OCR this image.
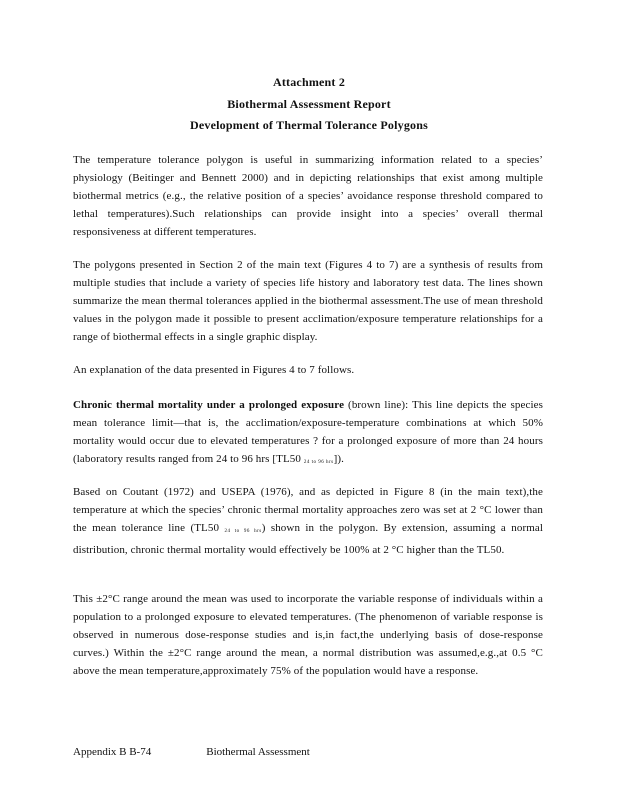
Attachment 2
Biothermal Assessment Report
Development of Thermal Tolerance Polygons
The temperature tolerance polygon is useful in summarizing information related to a species’ physiology (Beitinger and Bennett 2000) and in depicting relationships that exist among multiple biothermal metrics (e.g., the relative position of a species’ avoidance response threshold compared to lethal temperatures).Such relationships can provide insight into a species’ overall thermal responsiveness at different temperatures.
The polygons presented in Section 2 of the main text (Figures 4 to 7) are a synthesis of results from multiple studies that include a variety of species life history and laboratory test data. The lines shown summarize the mean thermal tolerances applied in the biothermal assessment.The use of mean threshold values in the polygon made it possible to present acclimation/exposure temperature relationships for a range of biothermal effects in a single graphic display.
An explanation of the data presented in Figures 4 to 7 follows.
Chronic thermal mortality under a prolonged exposure (brown line): This line depicts the species mean tolerance limit—that is, the acclimation/exposure-temperature combinations at which 50% mortality would occur due to elevated temperatures ? for a prolonged exposure of more than 24 hours (laboratory results ranged from 24 to 96 hrs [TL50 $_{24 to 96 hrs}$]).
Based on Coutant (1972) and USEPA (1976), and as depicted in Figure 8 (in the main text),the temperature at which the species’ chronic thermal mortality approaches zero was set at 2 °C lower than the mean tolerance line (TL50 $_{24 to 96 hrs}$) shown in the polygon. By extension, assuming a normal distribution, chronic thermal mortality would effectively be 100% at 2 °C higher than the TL50.
This ±2°C range around the mean was used to incorporate the variable response of individuals within a population to a prolonged exposure to elevated temperatures. (The phenomenon of variable response is observed in numerous dose-response studies and is,in fact,the underlying basis of dose-response curves.) Within the ±2°C range around the mean, a normal distribution was assumed,e.g.,at 0.5 °C above the mean temperature,approximately 75% of the population would have a response.
Appendix B B-74	Biothermal Assessment
